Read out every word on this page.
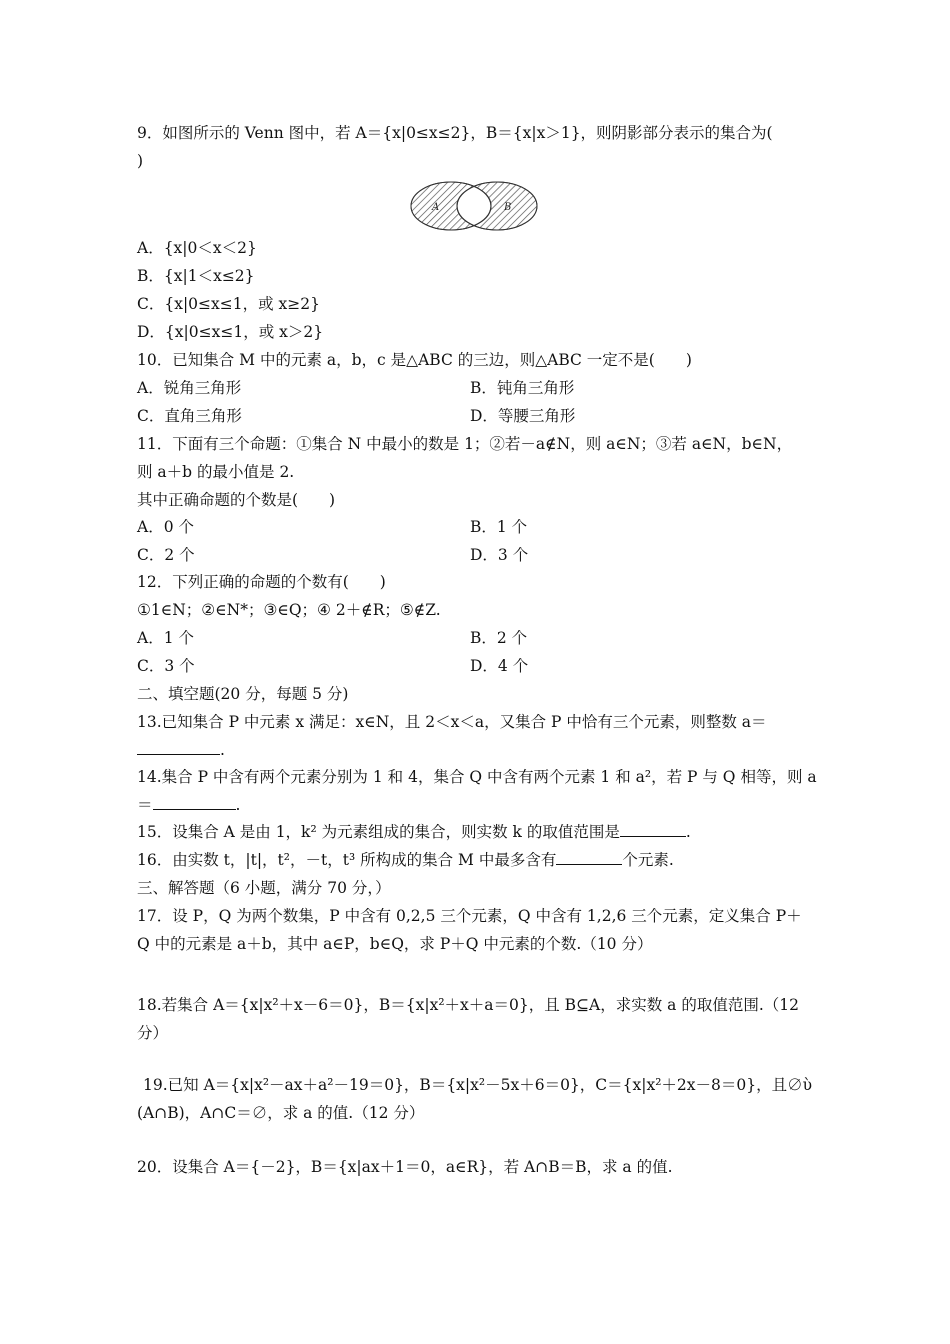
9．如图所示的 Venn 图中，若 A＝{x|0≤x≤2}，B＝{x|x＞1}，则阴影部分表示的集合为(
)
A	B
A．{x|0＜x＜2}
B．{x|1＜x≤2}
C．{x|0≤x≤1，或 x≥2}
D．{x|0≤x≤1，或 x＞2}
10．已知集合 M 中的元素 a，b，c 是△ABC 的三边，则△ABC 一定不是(　　)
A．锐角三角形	B．钝角三角形
C．直角三角形	D．等腰三角形
11．下面有三个命题：①集合 N 中最小的数是 1；②若－a∉N，则 a∈N；③若 a∈N，b∈N，
则 a＋b 的最小值是 2.
其中正确命题的个数是(　　)
A．0 个	B．1 个
C．2 个	D．3 个
12．下列正确的命题的个数有(　　)
①1∈N；②∈N*；③∈Q；④ 2＋∉R；⑤∉Z.
A．1 个	B．2 个
C．3 个	D．4 个
二、填空题(20 分，每题 5 分)
13.已知集合 P 中元素 x 满足：x∈N，且 2＜x＜a，又集合 P 中恰有三个元素，则整数 a＝
.
14.集合 P 中含有两个元素分别为 1 和 4，集合 Q 中含有两个元素 1 和 a²，若 P 与 Q 相等，则 a
＝	.
15．设集合 A 是由 1，k² 为元素组成的集合，则实数 k 的取值范围是	.
16．由实数 t，|t|，t²，－t，t³ 所构成的集合 M 中最多含有	个元素.
三、解答题（6 小题，满分 70 分，）
17．设 P，Q 为两个数集，P 中含有 0,2,5 三个元素，Q 中含有 1,2,6 三个元素，定义集合 P＋
Q 中的元素是 a＋b，其中 a∈P，b∈Q，求 P＋Q 中元素的个数.（10 分）
18.若集合 A＝{x|x²＋x－6＝0}，B＝{x|x²＋x＋a＝0}，且 B⊆A，求实数 a 的取值范围.（12
分）
19.已知 A＝{x|x²－ax＋a²－19＝0}，B＝{x|x²－5x＋6＝0}，C＝{x|x²＋2x－8＝0}，且∅ὺ
(A∩B)，A∩C＝∅，求 a 的值.（12 分）
20．设集合 A＝{－2}，B＝{x|ax＋1＝0，a∈R}，若 A∩B＝B，求 a 的值.
